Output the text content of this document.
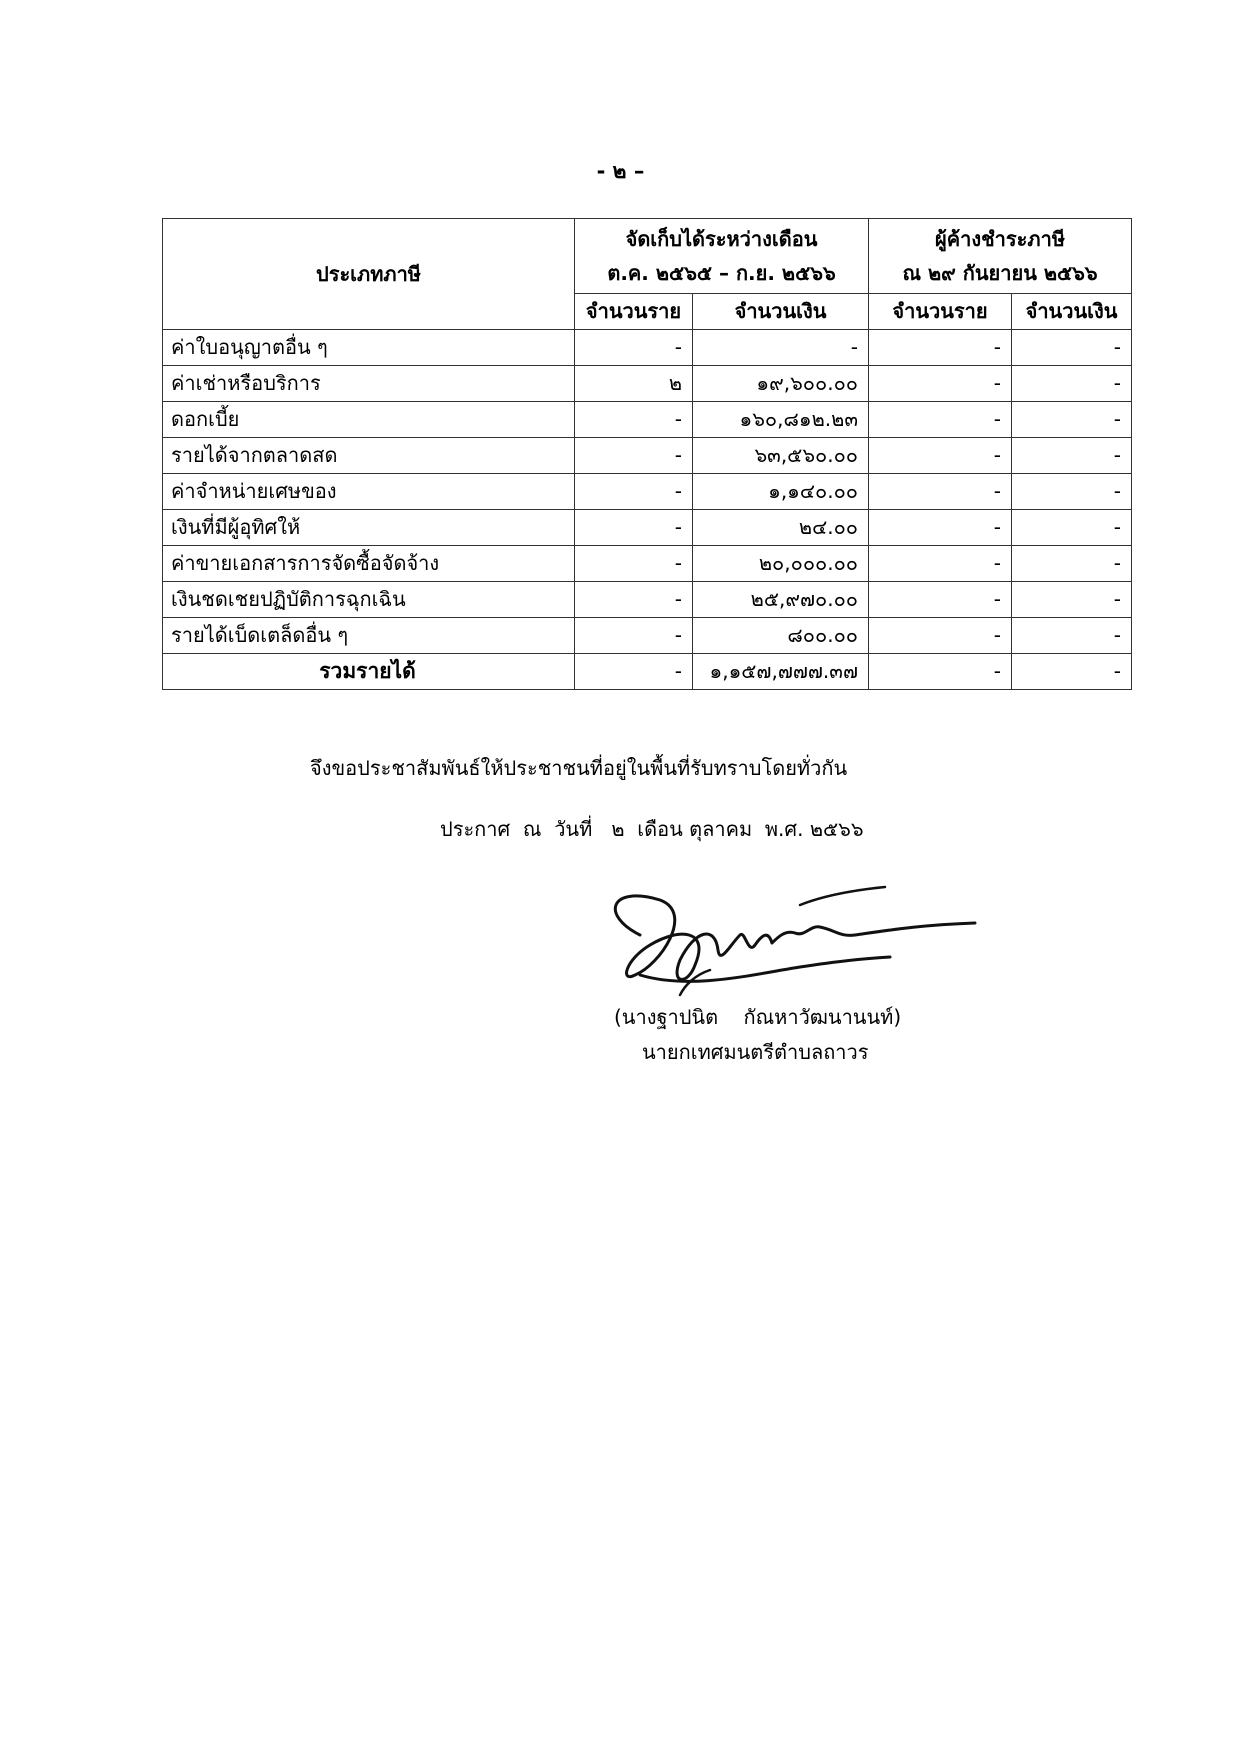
- ๒ –
ประเภทภาษี	จัดเก็บได้ระหว่างเดือน
ต.ค. ๒๕๖๕ – ก.ย. ๒๕๖๖		ผู้ค้างชำระภาษี
ณ ๒๙ กันยายน ๒๕๖๖	
	จำนวนราย	จำนวนเงิน	จำนวนราย	จำนวนเงิน
ค่าใบอนุญาตอื่น ๆ	-	-	-	-
ค่าเช่าหรือบริการ	๒	๑๙,๖๐๐.๐๐	-	-
ดอกเบี้ย	-	๑๖๐,๘๑๒.๒๓	-	-
รายได้จากตลาดสด	-	๖๓,๕๖๐.๐๐	-	-
ค่าจำหน่ายเศษของ	-	๑,๑๔๐.๐๐	-	-
เงินที่มีผู้อุทิศให้	-	๒๔.๐๐	-	-
ค่าขายเอกสารการจัดซื้อจัดจ้าง	-	๒๐,๐๐๐.๐๐	-	-
เงินชดเชยปฏิบัติการฉุกเฉิน	-	๒๕,๙๗๐.๐๐	-	-
รายได้เบ็ดเตล็ดอื่น ๆ	-	๘๐๐.๐๐	-	-
รวมรายได้	-	๑,๑๕๗,๗๗๗.๓๗	-	-
จึงขอประชาสัมพันธ์ให้ประชาชนที่อยู่ในพื้นที่รับทราบโดยทั่วกัน
ประกาศ  ณ  วันที่   ๒  เดือน ตุลาคม  พ.ศ. ๒๕๖๖
(นางฐาปนิต    กัณหาวัฒนานนท์)
นายกเทศมนตรีตำบลถาวร
